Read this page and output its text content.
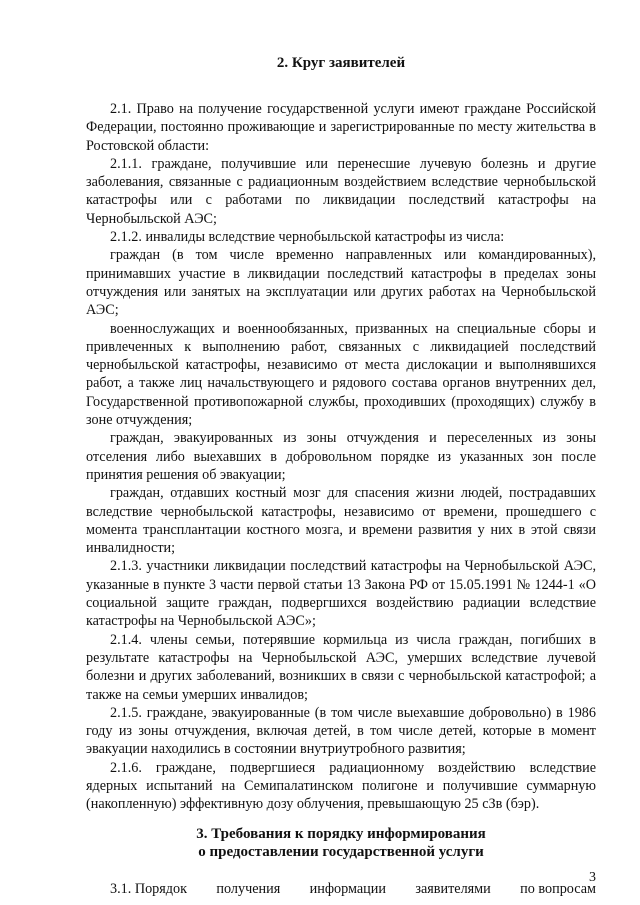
2. Круг заявителей

2.1. Право на получение государственной услуги имеют граждане Российской Федерации, постоянно проживающие и зарегистрированные по месту жительства в Ростовской области:

2.1.1. граждане, получившие или перенесшие лучевую болезнь и другие заболевания, связанные с радиационным воздействием вследствие чернобыльской катастрофы или с работами по ликвидации последствий катастрофы на Чернобыльской АЭС;

2.1.2. инвалиды вследствие чернобыльской катастрофы из числа:

граждан (в том числе временно направленных или командированных), принимавших участие в ликвидации последствий катастрофы в пределах зоны отчуждения или занятых на эксплуатации или других работах на Чернобыльской АЭС;

военнослужащих и военнообязанных, призванных на специальные сборы и привлеченных к выполнению работ, связанных с ликвидацией последствий чернобыльской катастрофы, независимо от места дислокации и выполнявшихся работ, а также лиц начальствующего и рядового состава органов внутренних дел, Государственной противопожарной службы, проходивших (проходящих) службу в зоне отчуждения;

граждан, эвакуированных из зоны отчуждения и переселенных из зоны отселения либо выехавших в добровольном порядке из указанных зон после принятия решения об эвакуации;

граждан, отдавших костный мозг для спасения жизни людей, пострадавших вследствие чернобыльской катастрофы, независимо от времени, прошедшего с момента трансплантации костного мозга, и времени развития у них в этой связи инвалидности;

2.1.3. участники ликвидации последствий катастрофы на Чернобыльской АЭС, указанные в пункте 3 части первой статьи 13 Закона РФ от 15.05.1991 № 1244-1 «О социальной защите граждан, подвергшихся воздействию радиации вследствие катастрофы на Чернобыльской АЭС»;

2.1.4. члены семьи, потерявшие кормильца из числа граждан, погибших в результате катастрофы на Чернобыльской АЭС, умерших вследствие лучевой болезни и других заболеваний, возникших в связи с чернобыльской катастрофой; а также на семьи умерших инвалидов;

2.1.5. граждане, эвакуированные (в том числе выехавшие добровольно) в 1986 году из зоны отчуждения, включая детей, в том числе детей, которые в момент эвакуации находились в состоянии внутриутробного развития;

2.1.6. граждане, подвергшиеся радиационному воздействию вследствие ядерных испытаний на Семипалатинском полигоне и получившие суммарную (накопленную) эффективную дозу облучения, превышающую 25 сЗв (бэр).

3. Требования к порядку информирования
о предоставлении государственной услуги
3.1. Порядок получения информации заявителями по вопросам
3
